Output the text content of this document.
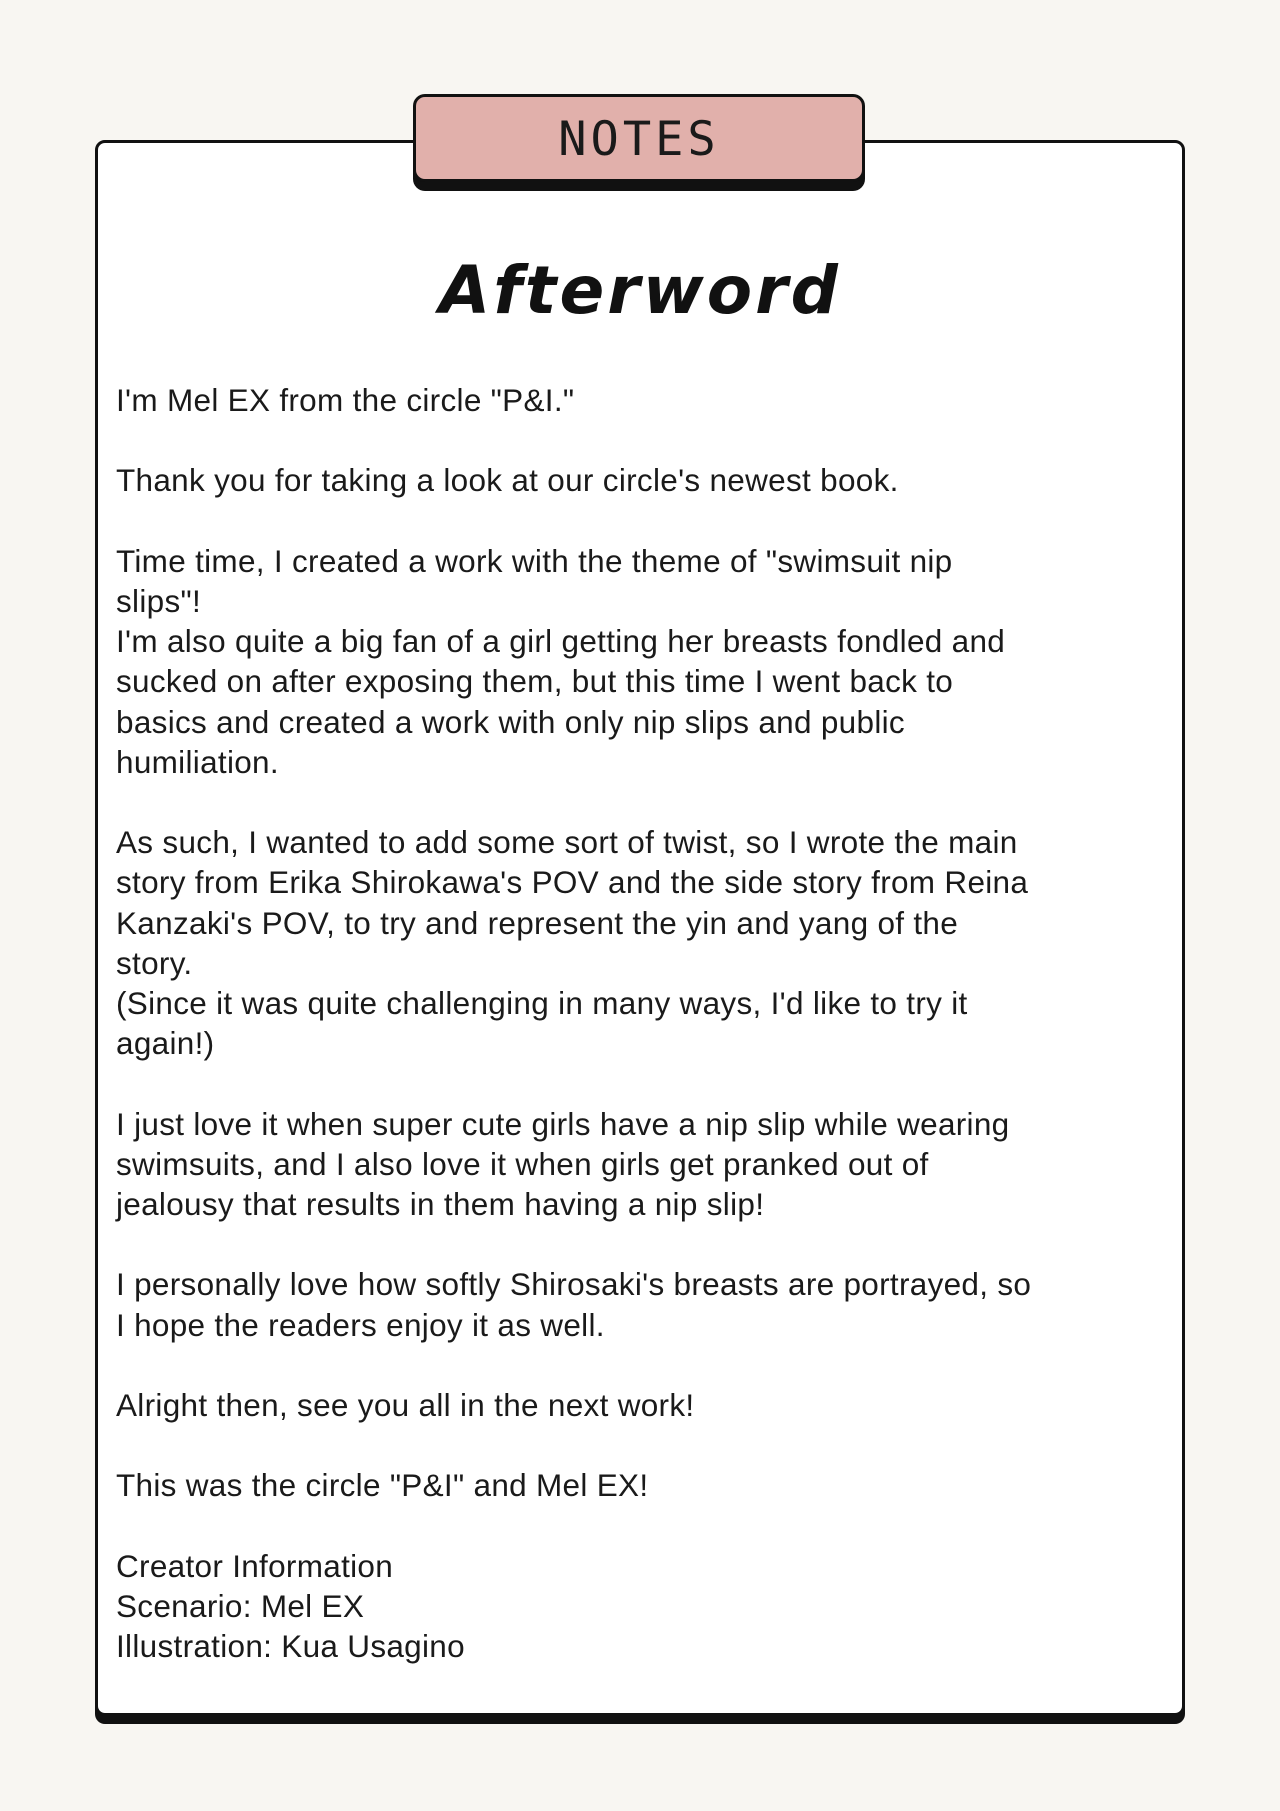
NOTES
Afterword
I'm Mel EX from the circle "P&I."
Thank you for taking a look at our circle's newest book.
Time time, I created a work with the theme of "swimsuit nip
slips"!
I'm also quite a big fan of a girl getting her breasts fondled and
sucked on after exposing them, but this time I went back to
basics and created a work with only nip slips and public
humiliation.
As such, I wanted to add some sort of twist, so I wrote the main
story from Erika Shirokawa's POV and the side story from Reina
Kanzaki's POV, to try and represent the yin and yang of the
story.
(Since it was quite challenging in many ways, I'd like to try it
again!)
I just love it when super cute girls have a nip slip while wearing
swimsuits, and I also love it when girls get pranked out of
jealousy that results in them having a nip slip!
I personally love how softly Shirosaki's breasts are portrayed, so
I hope the readers enjoy it as well.
Alright then, see you all in the next work!
This was the circle "P&I" and Mel EX!
Creator Information
Scenario: Mel EX
Illustration: Kua Usagino
